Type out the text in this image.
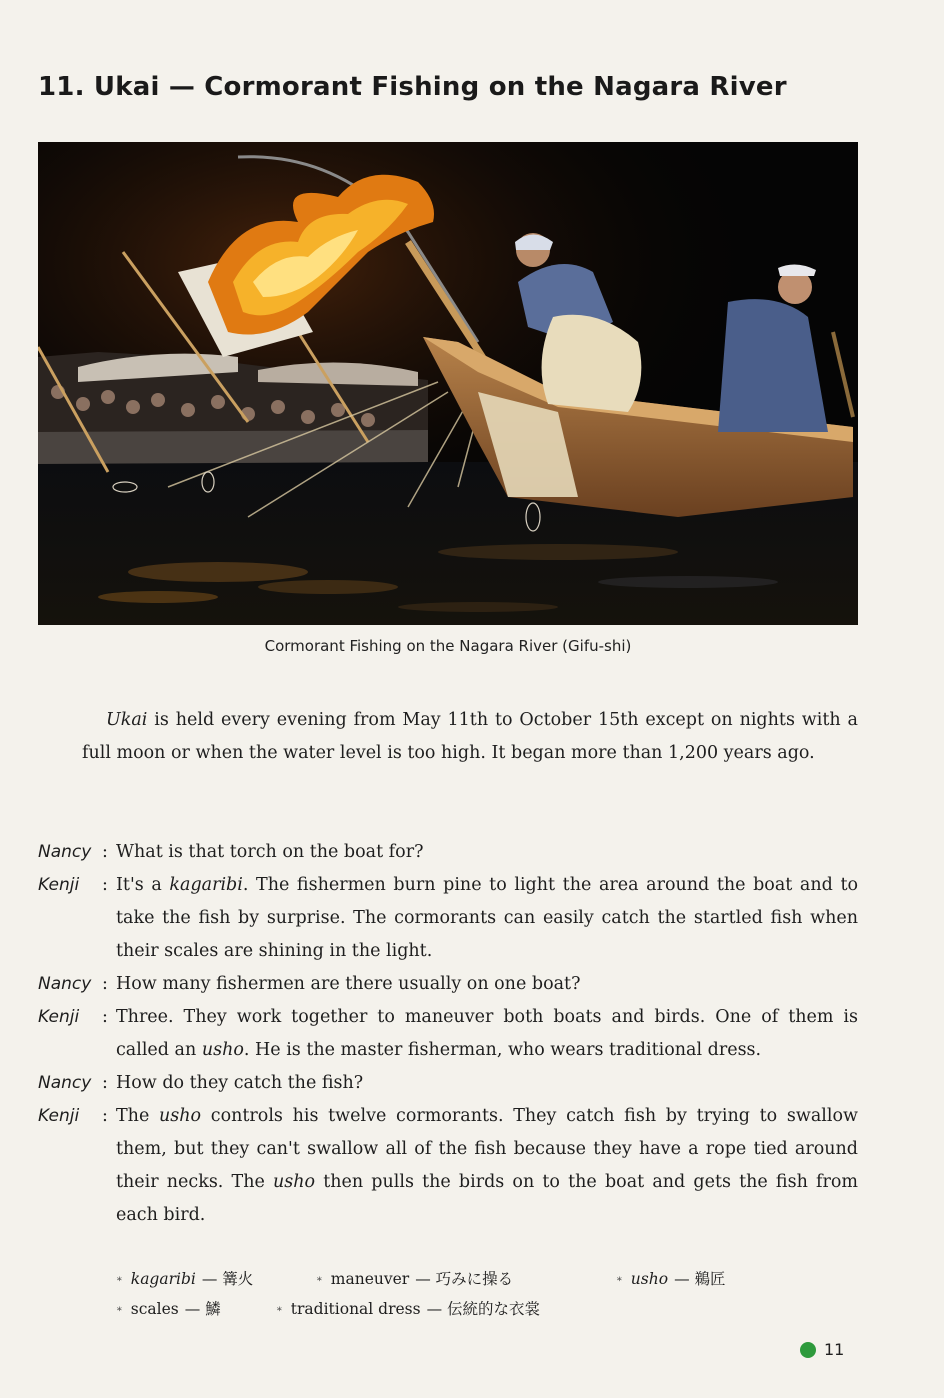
11. Ukai — Cormorant Fishing on the Nagara River
Cormorant Fishing on the Nagara River (Gifu-shi)

Ukai is held every evening from May 11th to October 15th except on nights with a full moon or when the water level is too high. It began more than 1,200 years ago.

Nancy : What is that torch on the boat for?
Kenji	: It's a kagaribi. The fishermen burn pine to light the area around the boat and to take the fish by surprise. The cormorants can easily catch the startled fish when their scales are shining in the light.
Nancy : How many fishermen are there usually on one boat?
Kenji	: Three. They work together to maneuver both boats and birds. One of them is called an usho. He is the master fisherman, who wears traditional dress.
Nancy : How do they catch the fish?
Kenji	: The usho controls his twelve cormorants. They catch fish by trying to swallow them, but they can't swallow all of the fish because they have a rope tied around their necks. The usho then pulls the birds on to the boat and gets the fish from each bird.
∗ kagaribi — 篝火	∗ maneuver — 巧みに操る	∗ usho — 鵜匠
∗ scales — 鱗	∗ traditional dress — 伝統的な衣裳
11
